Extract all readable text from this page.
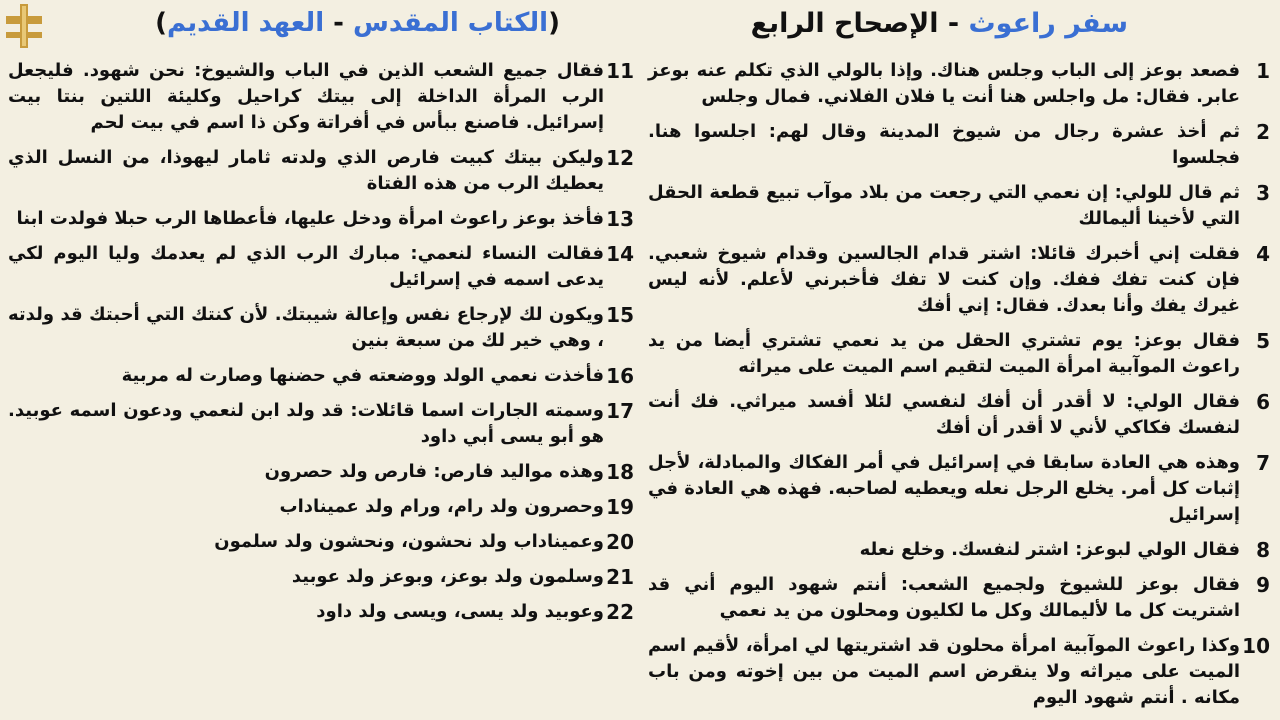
(الكتاب المقدس - العهد القديم)	سفر راعوث - الإصحاح الرابع
1
فصعد بوعز إلى الباب وجلس هناك. وإذا بالولي الذي تكلم عنه بوعز عابر. فقال: مل واجلس هنا أنت يا فلان الفلاني. فمال وجلس
2
ثم أخذ عشرة رجال من شيوخ المدينة وقال لهم: اجلسوا هنا. فجلسوا
3
ثم قال للولي: إن نعمي التي رجعت من بلاد موآب تبيع قطعة الحقل التي لأخينا أليمالك
4
فقلت إني أخبرك قائلا: اشتر قدام الجالسين وقدام شيوخ شعبي. فإن كنت تفك ففك. وإن كنت لا تفك فأخبرني لأعلم. لأنه ليس غيرك يفك وأنا بعدك. فقال: إني أفك
5
فقال بوعز: يوم تشتري الحقل من يد نعمي تشتري أيضا من يد راعوث الموآبية امرأة الميت لتقيم اسم الميت على ميراثه
6
فقال الولي: لا أقدر أن أفك لنفسي لئلا أفسد ميراثي. فك أنت لنفسك فكاكي لأني لا أقدر أن أفك
7
وهذه هي العادة سابقا في إسرائيل في أمر الفكاك والمبادلة، لأجل إثبات كل أمر. يخلع الرجل نعله ويعطيه لصاحبه. فهذه هي العادة في إسرائيل
8
فقال الولي لبوعز: اشتر لنفسك. وخلع نعله
9
فقال بوعز للشيوخ ولجميع الشعب: أنتم شهود اليوم أني قد اشتريت كل ما لأليمالك وكل ما لكليون ومحلون من يد نعمي
10
وكذا راعوث الموآبية امرأة محلون قد اشتريتها لي امرأة، لأقيم اسم الميت على ميراثه ولا ينقرض اسم الميت من بين إخوته ومن باب مكانه . أنتم شهود اليوم
11
فقال جميع الشعب الذين في الباب والشيوخ: نحن شهود. فليجعل الرب المرأة الداخلة إلى بيتك كراحيل وكليئة اللتين بنتا بيت إسرائيل. فاصنع ببأس في أفراتة وكن ذا اسم في بيت لحم
12
وليكن بيتك كبيت فارص الذي ولدته ثامار ليهوذا، من النسل الذي يعطيك الرب من هذه الفتاة
13
فأخذ بوعز راعوث امرأة ودخل عليها، فأعطاها الرب حبلا فولدت ابنا
14
فقالت النساء لنعمي: مبارك الرب الذي لم يعدمك وليا اليوم لكي يدعى اسمه في إسرائيل
15
ويكون لك لإرجاع نفس وإعالة شيبتك. لأن كنتك التي أحبتك قد ولدته ، وهي خير لك من سبعة بنين
16
فأخذت نعمي الولد ووضعته في حضنها وصارت له مربية
17
وسمته الجارات اسما قائلات: قد ولد ابن لنعمي ودعون اسمه عوبيد. هو أبو يسى أبي داود
18
وهذه مواليد فارص: فارص ولد حصرون
19
وحصرون ولد رام، ورام ولد عميناداب
20
وعميناداب ولد نحشون، ونحشون ولد سلمون
21
وسلمون ولد بوعز، وبوعز ولد عوبيد
22
وعوبيد ولد يسى، ويسى ولد داود
